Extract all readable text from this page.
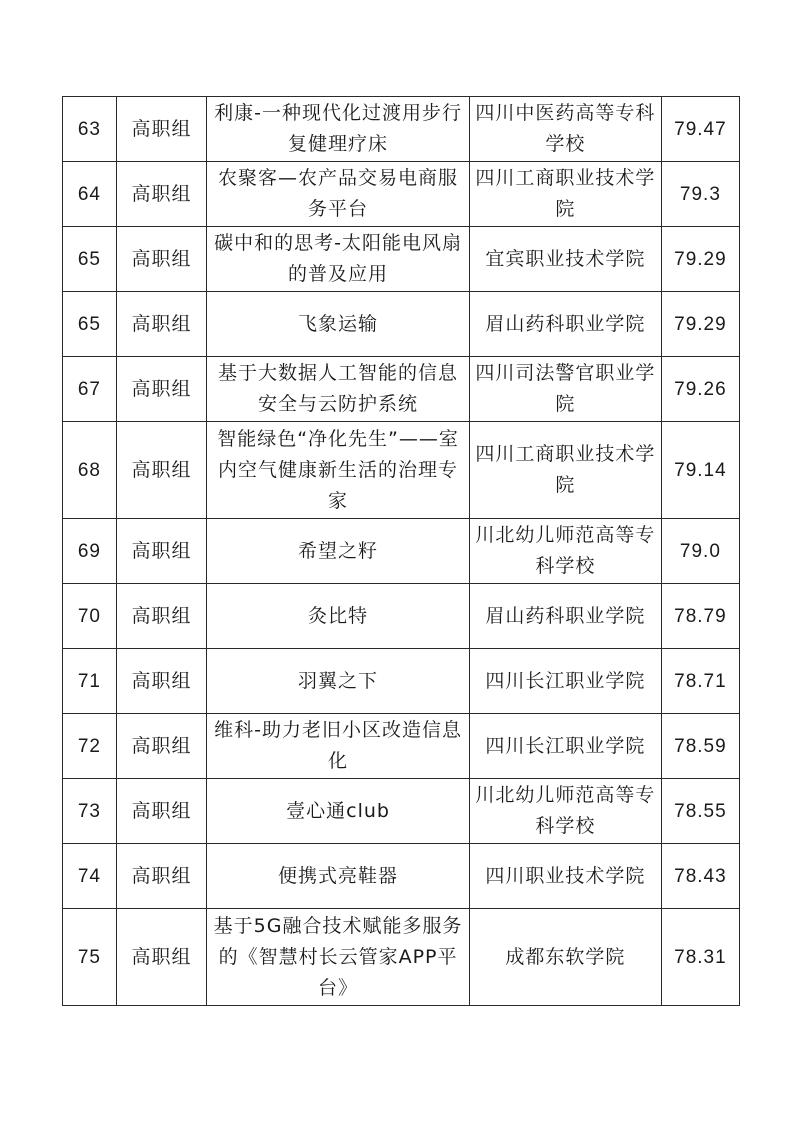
63	高职组	利康-一种现代化过渡用步行复健理疗床	四川中医药高等专科学校	79.47
64	高职组	农聚客—农产品交易电商服务平台	四川工商职业技术学院	79.3
65	高职组	碳中和的思考-太阳能电风扇的普及应用	宜宾职业技术学院	79.29
65	高职组	飞象运输	眉山药科职业学院	79.29
67	高职组	基于大数据人工智能的信息安全与云防护系统	四川司法警官职业学院	79.26
68	高职组	智能绿色“净化先生”——室内空气健康新生活的治理专家	四川工商职业技术学院	79.14
69	高职组	希望之籽	川北幼儿师范高等专科学校	79.0
70	高职组	灸比特	眉山药科职业学院	78.79
71	高职组	羽翼之下	四川长江职业学院	78.71
72	高职组	维科-助力老旧小区改造信息化	四川长江职业学院	78.59
73	高职组	壹心通club	川北幼儿师范高等专科学校	78.55
74	高职组	便携式亮鞋器	四川职业技术学院	78.43
75	高职组	基于5G融合技术赋能多服务的《智慧村长云管家APP平台》	成都东软学院	78.31
